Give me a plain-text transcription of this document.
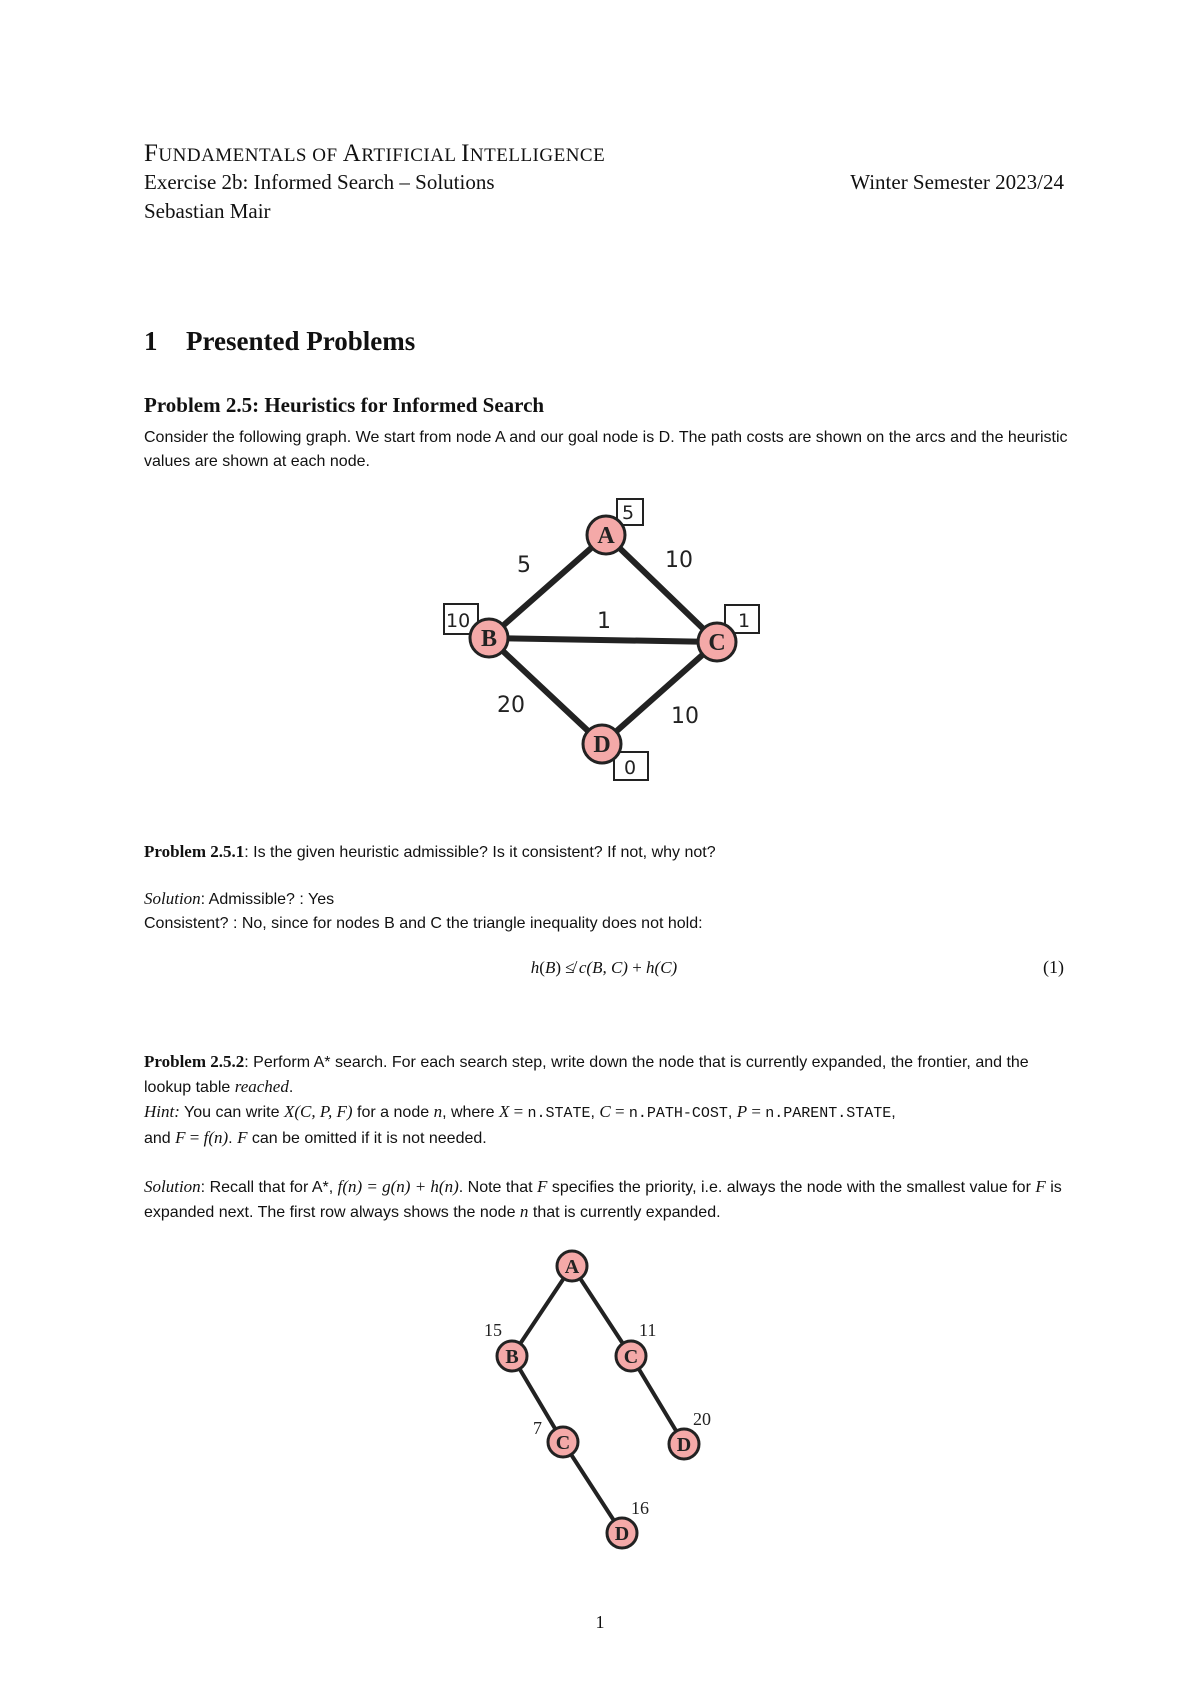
FUNDAMENTALS OF ARTIFICIAL INTELLIGENCE
Exercise 2b: Informed Search – Solutions	Winter Semester 2023/24
Sebastian Mair
1 Presented Problems
Problem 2.5: Heuristics for Informed Search
Consider the following graph. We start from node A and our goal node is D. The path costs are shown on the arcs and the heuristic values are shown at each node.
5	10
1
20	10
5
10	1
0
A
B	C
D
A
B	C
C	D
D
15	11
7	20
16
Problem 2.5.1: Is the given heuristic admissible? Is it consistent? If not, why not?
Solution: Admissible? : Yes
Consistent? : No, since for nodes B and C the triangle inequality does not hold:
h(B) ≰ c(B, C) + h(C)	(1)
Problem 2.5.2: Perform A* search. For each search step, write down the node that is currently expanded, the frontier, and the lookup table reached.
Hint: You can write X(C, P, F) for a node n, where X = n.STATE, C = n.PATH-COST, P = n.PARENT.STATE,
and F = f(n). F can be omitted if it is not needed.
Solution: Recall that for A*, f(n) = g(n) + h(n). Note that F specifies the priority, i.e. always the node with the smallest value for F is expanded next. The first row always shows the node n that is currently expanded.
1
